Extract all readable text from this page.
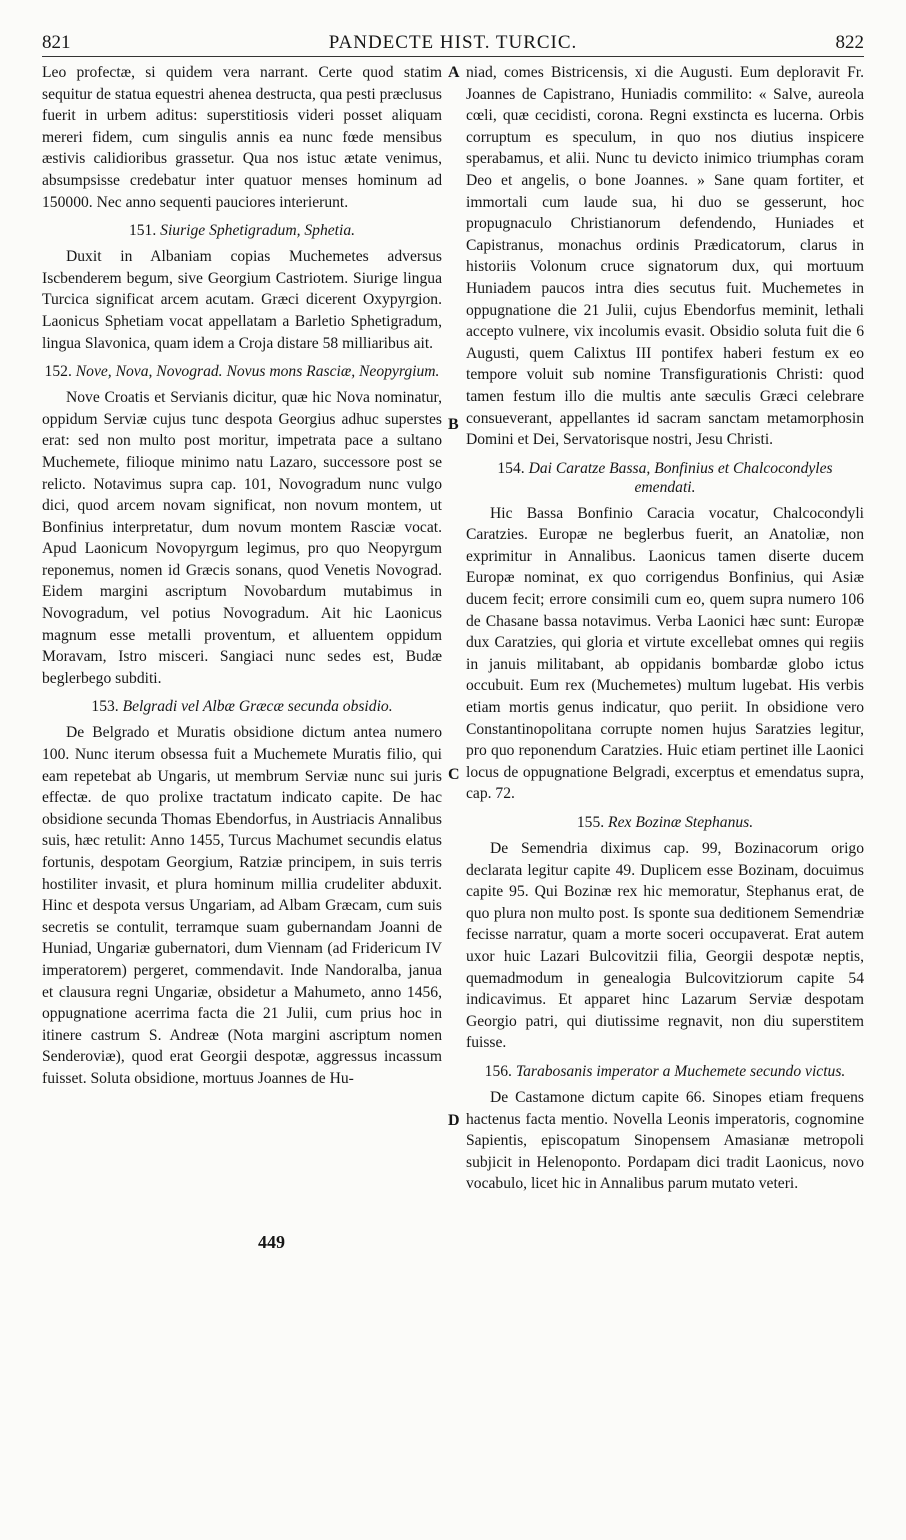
821	PANDECTE HIST. TURCIC.	822
A
B
C
D

Leo profectæ, si quidem vera narrant. Certe quod statim sequitur de statua equestri ahenea destructa, qua pesti præclusus fuerit in urbem aditus: superstitiosis videri posset aliquam mereri fidem, cum singulis annis ea nunc fœde mensibus æstivis calidioribus grassetur. Qua nos istuc ætate venimus, absumpsisse credebatur inter quatuor menses hominum ad 150000. Nec anno sequenti pauciores interierunt.

151. Siurige Sphetigradum, Sphetia.

Duxit in Albaniam copias Muchemetes adversus Iscbenderem begum, sive Georgium Castriotem. Siurige lingua Turcica significat arcem acutam. Græci dicerent Oxypyrgion. Laonicus Sphetiam vocat appellatam a Barletio Sphetigradum, lingua Slavonica, quam idem a Croja distare 58 milliaribus ait.

152. Nove, Nova, Novograd. Novus mons Rasciæ, Neopyrgium.

Nove Croatis et Servianis dicitur, quæ hic Nova nominatur, oppidum Serviæ cujus tunc despota Georgius adhuc superstes erat: sed non multo post moritur, impetrata pace a sultano Muchemete, filioque minimo natu Lazaro, successore post se relicto. Notavimus supra cap. 101, Novogradum nunc vulgo dici, quod arcem novam significat, non novum montem, ut Bonfinius interpretatur, dum novum montem Rasciæ vocat. Apud Laonicum Novopyrgum legimus, pro quo Neopyrgum reponemus, nomen id Græcis sonans, quod Venetis Novograd. Eidem margini ascriptum Novobardum mutabimus in Novogradum, vel potius Novogradum. Ait hic Laonicus magnum esse metalli proventum, et alluentem oppidum Moravam, Istro misceri. Sangiaci nunc sedes est, Budæ beglerbego subditi.

153. Belgradi vel Albæ Græcæ secunda obsidio.

De Belgrado et Muratis obsidione dictum antea numero 100. Nunc iterum obsessa fuit a Muchemete Muratis filio, qui eam repetebat ab Ungaris, ut membrum Serviæ nunc sui juris effectæ. de quo prolixe tractatum indicato capite. De hac obsidione secunda Thomas Ebendorfus, in Austriacis Annalibus suis, hæc retulit: Anno 1455, Turcus Machumet secundis elatus fortunis, despotam Georgium, Ratziæ principem, in suis terris hostiliter invasit, et plura hominum millia crudeliter abduxit. Hinc et despota versus Ungariam, ad Albam Græcam, cum suis secretis se contulit, terramque suam gubernandam Joanni de Huniad, Ungariæ gubernatori, dum Viennam (ad Fridericum IV imperatorem) pergeret, commendavit. Inde Nandoralba, janua et clausura regni Ungariæ, obsidetur a Mahumeto, anno 1456, oppugnatione acerrima facta die 21 Julii, cum prius hoc in itinere castrum S. Andreæ (Nota margini ascriptum nomen Senderoviæ), quod erat Georgii despotæ, aggressus incassum fuisset. Soluta obsidione, mortuus Joannes de Hu-

niad, comes Bistricensis, xi die Augusti. Eum deploravit Fr. Joannes de Capistrano, Huniadis commilito: « Salve, aureola cœli, quæ cecidisti, corona. Regni exstincta es lucerna. Orbis corruptum es speculum, in quo nos diutius inspicere sperabamus, et alii. Nunc tu devicto inimico triumphas coram Deo et angelis, o bone Joannes. » Sane quam fortiter, et immortali cum laude sua, hi duo se gesserunt, hoc propugnaculo Christianorum defendendo, Huniades et Capistranus, monachus ordinis Prædicatorum, clarus in historiis Volonum cruce signatorum dux, qui mortuum Huniadem paucos intra dies secutus fuit. Muchemetes in oppugnatione die 21 Julii, cujus Ebendorfus meminit, lethali accepto vulnere, vix incolumis evasit. Obsidio soluta fuit die 6 Augusti, quem Calixtus III pontifex haberi festum ex eo tempore voluit sub nomine Transfigurationis Christi: quod tamen festum illo die multis ante sæculis Græci celebrare consueverant, appellantes id sacram sanctam metamorphosin Domini et Dei, Servatorisque nostri, Jesu Christi.

154. Dai Caratze Bassa, Bonfinius et Chalcocondyles emendati.

Hic Bassa Bonfinio Caracia vocatur, Chalcocondyli Caratzies. Europæ ne beglerbus fuerit, an Anatoliæ, non exprimitur in Annalibus. Laonicus tamen diserte ducem Europæ nominat, ex quo corrigendus Bonfinius, qui Asiæ ducem fecit; errore consimili cum eo, quem supra numero 106 de Chasane bassa notavimus. Verba Laonici hæc sunt: Europæ dux Caratzies, qui gloria et virtute excellebat omnes qui regiis in januis militabant, ab oppidanis bombardæ globo ictus occubuit. Eum rex (Muchemetes) multum lugebat. His verbis etiam mortis genus indicatur, quo periit. In obsidione vero Constantinopolitana corrupte nomen hujus Saratzies legitur, pro quo reponendum Caratzies. Huic etiam pertinet ille Laonici locus de oppugnatione Belgradi, excerptus et emendatus supra, cap. 72.

155. Rex Bozinæ Stephanus.

De Semendria diximus cap. 99, Bozinacorum origo declarata legitur capite 49. Duplicem esse Bozinam, docuimus capite 95. Qui Bozinæ rex hic memoratur, Stephanus erat, de quo plura non multo post. Is sponte sua deditionem Semendriæ fecisse narratur, quam a morte soceri occupaverat. Erat autem uxor huic Lazari Bulcovitzii filia, Georgii despotæ neptis, quemadmodum in genealogia Bulcovitziorum capite 54 indicavimus. Et apparet hinc Lazarum Serviæ despotam Georgio patri, qui diutissime regnavit, non diu superstitem fuisse.

156. Tarabosanis imperator a Muchemete secundo victus.

De Castamone dictum capite 66. Sinopes etiam frequens hactenus facta mentio. Novella Leonis imperatoris, cognomine Sapientis, episcopatum Sinopensem Amasianæ metropoli subjicit in Helenoponto. Pordapam dici tradit Laonicus, novo vocabulo, licet hic in Annalibus parum mutato veteri.

449
